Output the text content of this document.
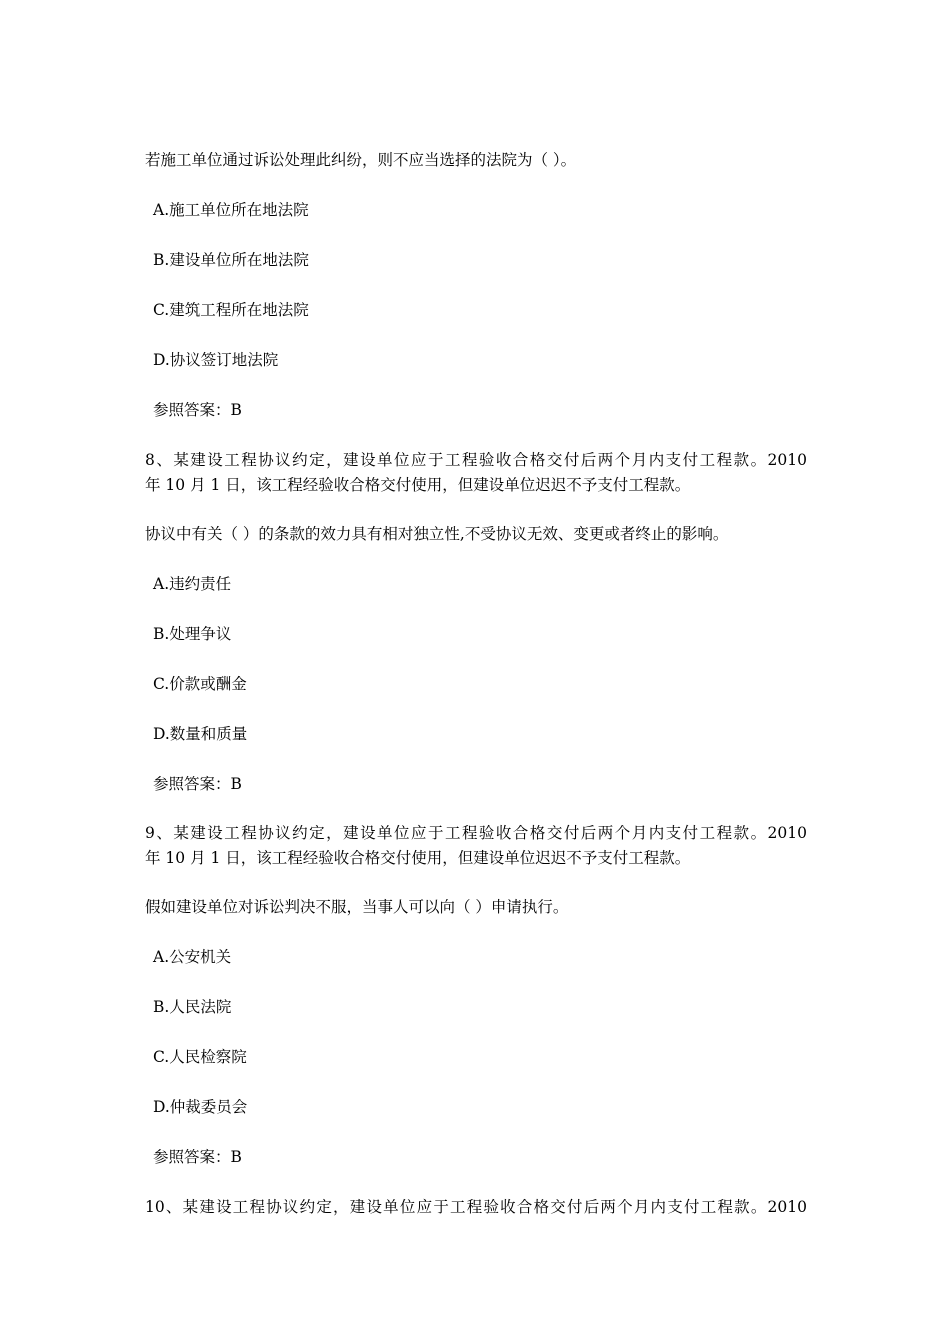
若施工单位通过诉讼处理此纠纷，则不应当选择的法院为（ ）。
A.施工单位所在地法院
B.建设单位所在地法院
C.建筑工程所在地法院
D.协议签订地法院
参照答案：B
8、某建设工程协议约定，建设单位应于工程验收合格交付后两个月内支付工程款。2010
年 10 月 1 日，该工程经验收合格交付使用，但建设单位迟迟不予支付工程款。
协议中有关（ ）的条款的效力具有相对独立性,不受协议无效、变更或者终止的影响。
A.违约责任
B.处理争议
C.价款或酬金
D.数量和质量
参照答案：B
9、某建设工程协议约定，建设单位应于工程验收合格交付后两个月内支付工程款。2010
年 10 月 1 日，该工程经验收合格交付使用，但建设单位迟迟不予支付工程款。
假如建设单位对诉讼判决不服，当事人可以向（ ）申请执行。
A.公安机关
B.人民法院
C.人民检察院
D.仲裁委员会
参照答案：B
10、某建设工程协议约定，建设单位应于工程验收合格交付后两个月内支付工程款。2010
